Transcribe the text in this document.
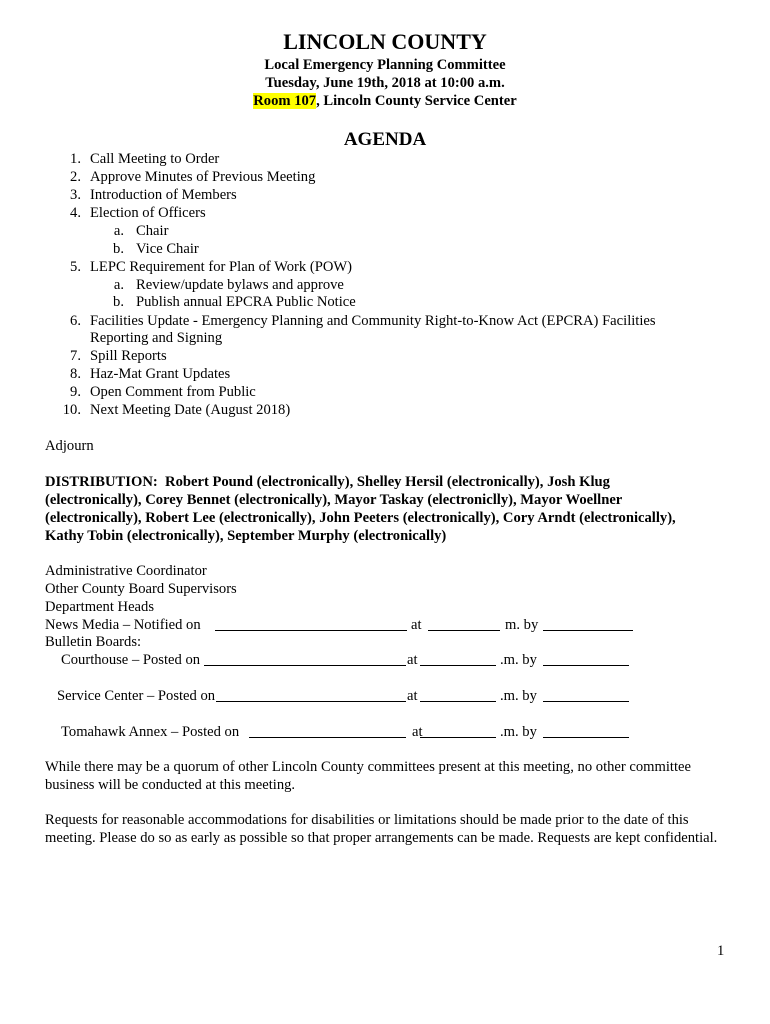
LINCOLN COUNTY
Local Emergency Planning Committee
Tuesday, June 19th, 2018 at 10:00 a.m.
Room 107, Lincoln County Service Center
AGENDA
1. Call Meeting to Order
2. Approve Minutes of Previous Meeting
3. Introduction of Members
4. Election of Officers
a. Chair
b. Vice Chair
5. LEPC Requirement for Plan of Work (POW)
a. Review/update bylaws and approve
b. Publish annual EPCRA Public Notice
6. Facilities Update - Emergency Planning and Community Right-to-Know Act (EPCRA) Facilities
Reporting and Signing
7. Spill Reports
8. Haz-Mat Grant Updates
9. Open Comment from Public
10. Next Meeting Date (August 2018)
Adjourn
DISTRIBUTION: Robert Pound (electronically), Shelley Hersil (electronically), Josh Klug
(electronically), Corey Bennet (electronically), Mayor Taskay (electroniclly), Mayor Woellner
(electronically), Robert Lee (electronically), John Peeters (electronically), Cory Arndt (electronically),
Kathy Tobin (electronically), September Murphy (electronically)
Administrative Coordinator
Other County Board Supervisors
Department Heads
News Media – Notified on	at	m. by
Bulletin Boards:
Courthouse – Posted on	at	.m. by
Service Center – Posted on	at	.m. by
Tomahawk Annex – Posted on	at	.m. by
While there may be a quorum of other Lincoln County committees present at this meeting, no other committee business will be conducted at this meeting.
Requests for reasonable accommodations for disabilities or limitations should be made prior to the date of this meeting. Please do so as early as possible so that proper arrangements can be made. Requests are kept confidential.
1
